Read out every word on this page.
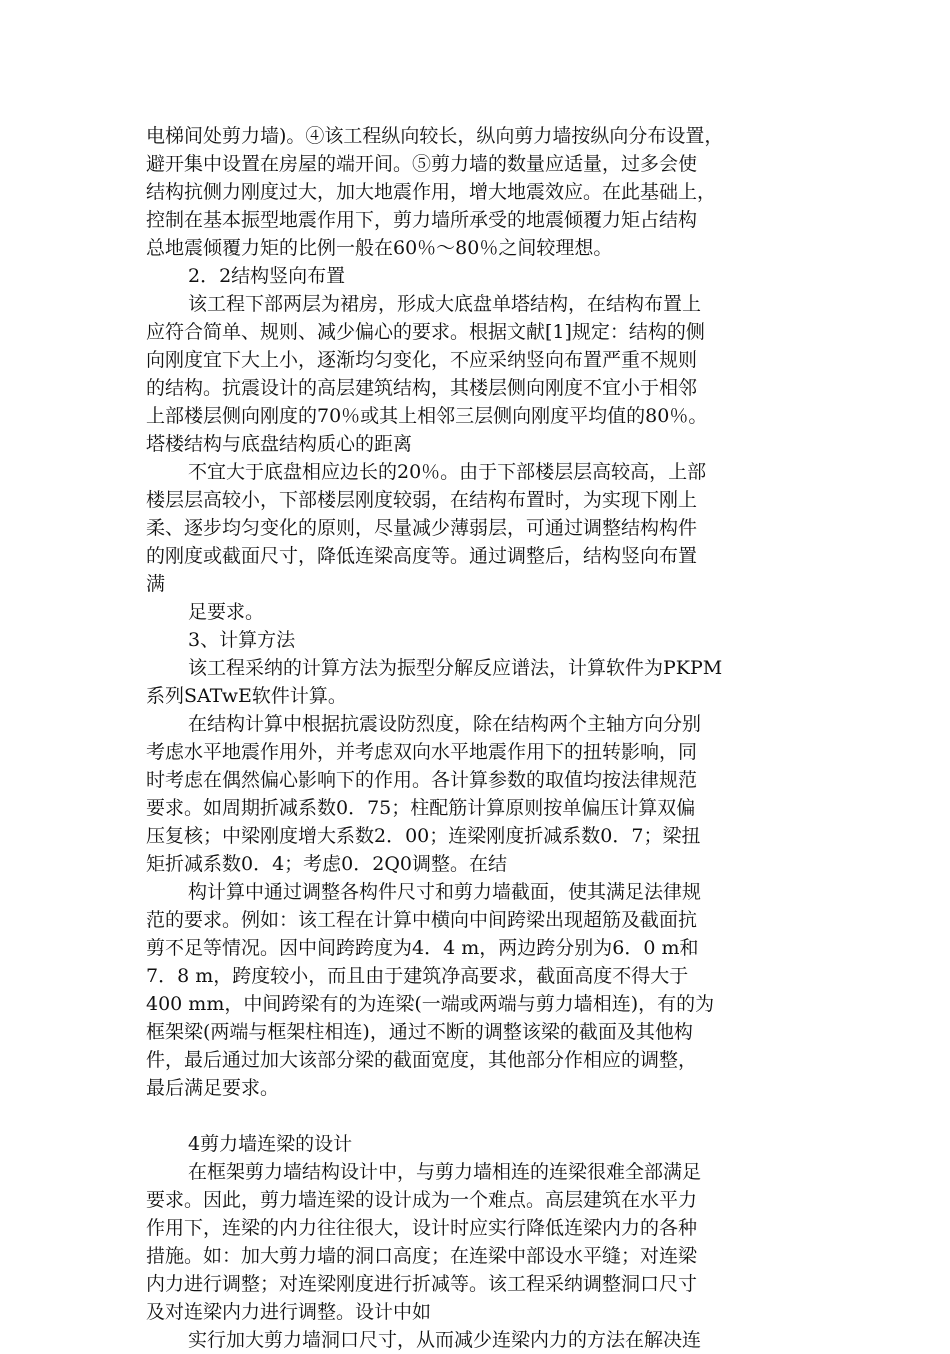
电梯间处剪力墙)。④该工程纵向较长，纵向剪力墙按纵向分布设置，
避开集中设置在房屋的端开间。⑤剪力墙的数量应适量，过多会使
结构抗侧力刚度过大，加大地震作用，增大地震效应。在此基础上，
控制在基本振型地震作用下，剪力墙所承受的地震倾覆力矩占结构
总地震倾覆力矩的比例一般在60％～80％之间较理想。
2．2结构竖向布置
该工程下部两层为裙房，形成大底盘单塔结构，在结构布置上
应符合简单、规则、减少偏心的要求。根据文献[1]规定：结构的侧
向刚度宜下大上小，逐渐均匀变化，不应采纳竖向布置严重不规则
的结构。抗震设计的高层建筑结构，其楼层侧向刚度不宜小于相邻
上部楼层侧向刚度的70％或其上相邻三层侧向刚度平均值的80％。
塔楼结构与底盘结构质心的距离
不宜大于底盘相应边长的20％。由于下部楼层层高较高，上部
楼层层高较小，下部楼层刚度较弱，在结构布置时，为实现下刚上
柔、逐步均匀变化的原则，尽量减少薄弱层，可通过调整结构构件
的刚度或截面尺寸，降低连梁高度等。通过调整后，结构竖向布置
满
足要求。
3、计算方法
该工程采纳的计算方法为振型分解反应谱法，计算软件为PKPM
系列SATwE软件计算。
在结构计算中根据抗震设防烈度，除在结构两个主轴方向分别
考虑水平地震作用外，并考虑双向水平地震作用下的扭转影响，同
时考虑在偶然偏心影响下的作用。各计算参数的取值均按法律规范
要求。如周期折减系数0．75；柱配筋计算原则按单偏压计算双偏
压复核；中梁刚度增大系数2．00；连梁刚度折减系数0．7；梁扭
矩折减系数0．4；考虑0．2Q0调整。在结
构计算中通过调整各构件尺寸和剪力墙截面，使其满足法律规
范的要求。例如：该工程在计算中横向中间跨梁出现超筋及截面抗
剪不足等情况。因中间跨跨度为4．4 m，两边跨分别为6．0 m和
7．8 m，跨度较小，而且由于建筑净高要求，截面高度不得大于
400 mm，中间跨梁有的为连梁(一端或两端与剪力墙相连)，有的为
框架梁(两端与框架柱相连)，通过不断的调整该梁的截面及其他构
件，最后通过加大该部分梁的截面宽度，其他部分作相应的调整，
最后满足要求。
4剪力墙连梁的设计
在框架剪力墙结构设计中，与剪力墙相连的连梁很难全部满足
要求。因此，剪力墙连梁的设计成为一个难点。高层建筑在水平力
作用下，连梁的内力往往很大，设计时应实行降低连梁内力的各种
措施。如：加大剪力墙的洞口高度；在连梁中部设水平缝；对连梁
内力进行调整；对连梁刚度进行折减等。该工程采纳调整洞口尺寸
及对连梁内力进行调整。设计中如
实行加大剪力墙洞口尺寸，从而减少连梁内力的方法在解决连
